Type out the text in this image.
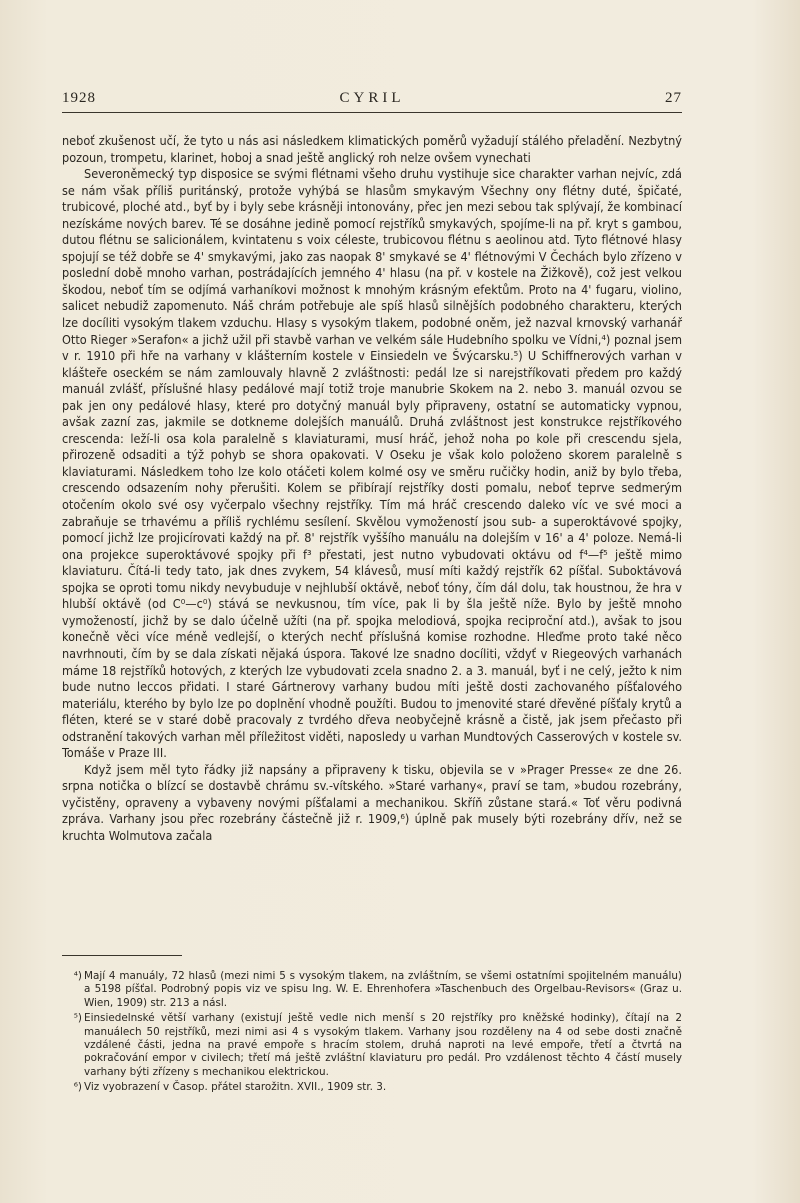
1928	CYRIL	27

neboť zkušenost učí, že tyto u nás asi následkem klimatických poměrů vyžadují stálého přeladění. Nezbytný pozoun, trompetu, klarinet, hoboj a snad ještě anglický roh nelze ovšem vynechati

Severoněmecký typ disposice se svými flétnami všeho druhu vystihuje sice charakter varhan nejvíc, zdá se nám však příliš puritánský, protože vyhýbá se hlasům smykavým Všechny ony flétny duté, špičaté, trubicové, ploché atd., byť by i byly sebe krásněji intonovány, přec jen mezi sebou tak splývají, že kombinací nezískáme nových barev. Té se dosáhne jedině pomocí rejstříků smykavých, spojíme-li na př. kryt s gambou, dutou flétnu se salicionálem, kvintatenu s voix céleste, trubicovou flétnu s aeolinou atd. Tyto flétnové hlasy spojují se též dobře se 4' smykavými, jako zas naopak 8' smykavé se 4' flétnovými V Čechách bylo zřízeno v poslední době mnoho varhan, postrádajících jemného 4' hlasu (na př. v kostele na Žižkově), což jest velkou škodou, neboť tím se odjímá varhaníkovi možnost k mnohým krásným efektům. Proto na 4' fugaru, violino, salicet nebudiž zapomenuto. Náš chrám potřebuje ale spíš hlasů silnějších podobného charakteru, kterých lze docíliti vysokým tlakem vzduchu. Hlasy s vysokým tlakem, podobné oněm, jež nazval krnovský varhanář Otto Rieger »Serafon« a jichž užil při stavbě varhan ve velkém sále Hudebního spolku ve Vídni,⁴) poznal jsem v r. 1910 při hře na varhany v klášterním kostele v Einsiedeln ve Švýcarsku.⁵) U Schiffnerových varhan v klášteře oseckém se nám zamlouvaly hlavně 2 zvláštnosti: pedál lze si narejstříkovati předem pro každý manuál zvlášť, příslušné hlasy pedálové mají totiž troje manubrie Skokem na 2. nebo 3. manuál ozvou se pak jen ony pedálové hlasy, které pro dotyčný manuál byly připraveny, ostatní se automaticky vypnou, avšak zazní zas, jakmile se dotkneme dolejších manuálů. Druhá zvláštnost jest konstrukce rejstříkového crescenda: leží-li osa kola paralelně s klaviaturami, musí hráč, jehož noha po kole při crescendu sjela, přirozeně odsaditi a týž pohyb se shora opakovati. V Oseku je však kolo položeno skorem paralelně s klaviaturami. Následkem toho lze kolo otáčeti kolem kolmé osy ve směru ručičky hodin, aniž by bylo třeba, crescendo odsazením nohy přerušiti. Kolem se přibírají rejstříky dosti pomalu, neboť teprve sedmerým otočením okolo své osy vyčerpalo všechny rejstříky. Tím má hráč crescendo daleko víc ve své moci a zabraňuje se trhavému a příliš rychlému sesílení. Skvělou vymožeností jsou sub- a superoktávové spojky, pomocí jichž lze projicírovati každý na př. 8' rejstřík vyššího manuálu na dolejším v 16' a 4' poloze. Nemá-li ona projekce superoktávové spojky při f³ přestati, jest nutno vybudovati oktávu od f⁴—f⁵ ještě mimo klaviaturu. Čítá-li tedy tato, jak dnes zvykem, 54 klávesů, musí míti každý rejstřík 62 píšťal. Suboktávová spojka se oproti tomu nikdy nevybuduje v nejhlubší oktávě, neboť tóny, čím dál dolu, tak houstnou, že hra v hlubší oktávě (od C⁰—c⁰) stává se nevkusnou, tím více, pak li by šla ještě níže. Bylo by ještě mnoho vymožeností, jichž by se dalo účelně užíti (na př. spojka melodiová, spojka reciproční atd.), avšak to jsou konečně věci více méně vedlejší, o kterých nechť příslušná komise rozhodne. Hleďme proto také něco navrhnouti, čím by se dala získati nějaká úspora. Takové lze snadno docíliti, vždyť v Riegeových varhanách máme 18 rejstříků hotových, z kterých lze vybudovati zcela snadno 2. a 3. manuál, byť i ne celý, ježto k nim bude nutno leccos přidati. I staré Gártnerovy varhany budou míti ještě dosti zachovaného píšťalového materiálu, kterého by bylo lze po doplnění vhodně použíti. Budou to jmenovité staré dřevěné píšťaly krytů a fléten, které se v staré době pracovaly z tvrdého dřeva neobyčejně krásně a čistě, jak jsem přečasto při odstranění takových varhan měl příležitost viděti, naposledy u varhan Mundtových Casserových v kostele sv. Tomáše v Praze III.

Když jsem měl tyto řádky již napsány a připraveny k tisku, objevila se v »Prager Presse« ze dne 26. srpna notička o blízcí se dostavbě chrámu sv.-vítského. »Staré varhany«, praví se tam, »budou rozebrány, vyčistěny, opraveny a vybaveny novými píšťalami a mechanikou. Skříň zůstane stará.« Toť věru podivná zpráva. Varhany jsou přec rozebrány částečně již r. 1909,⁶) úplně pak musely býti rozebrány dřív, než se kruchta Wolmutova začala

⁴) Mají 4 manuály, 72 hlasů (mezi nimi 5 s vysokým tlakem, na zvláštním, se všemi ostatními spojitelném manuálu) a 5198 píšťal. Podrobný popis viz ve spisu Ing. W. E. Ehrenhofera »Taschenbuch des Orgelbau-Revisors« (Graz u. Wien, 1909) str. 213 a násl.
⁵) Einsiedelnské větší varhany (existují ještě vedle nich menší s 20 rejstříky pro kněžské hodinky), čítají na 2 manuálech 50 rejstříků, mezi nimi asi 4 s vysokým tlakem. Varhany jsou rozděleny na 4 od sebe dosti značně vzdálené části, jedna na pravé empoře s hracím stolem, druhá naproti na levé empoře, třetí a čtvrtá na pokračování empor v civilech; třetí má ještě zvláštní klaviaturu pro pedál. Pro vzdálenost těchto 4 částí musely varhany býti zřízeny s mechanikou elektrickou.
⁶) Viz vyobrazení v Časop. přátel starožitn. XVII., 1909 str. 3.
